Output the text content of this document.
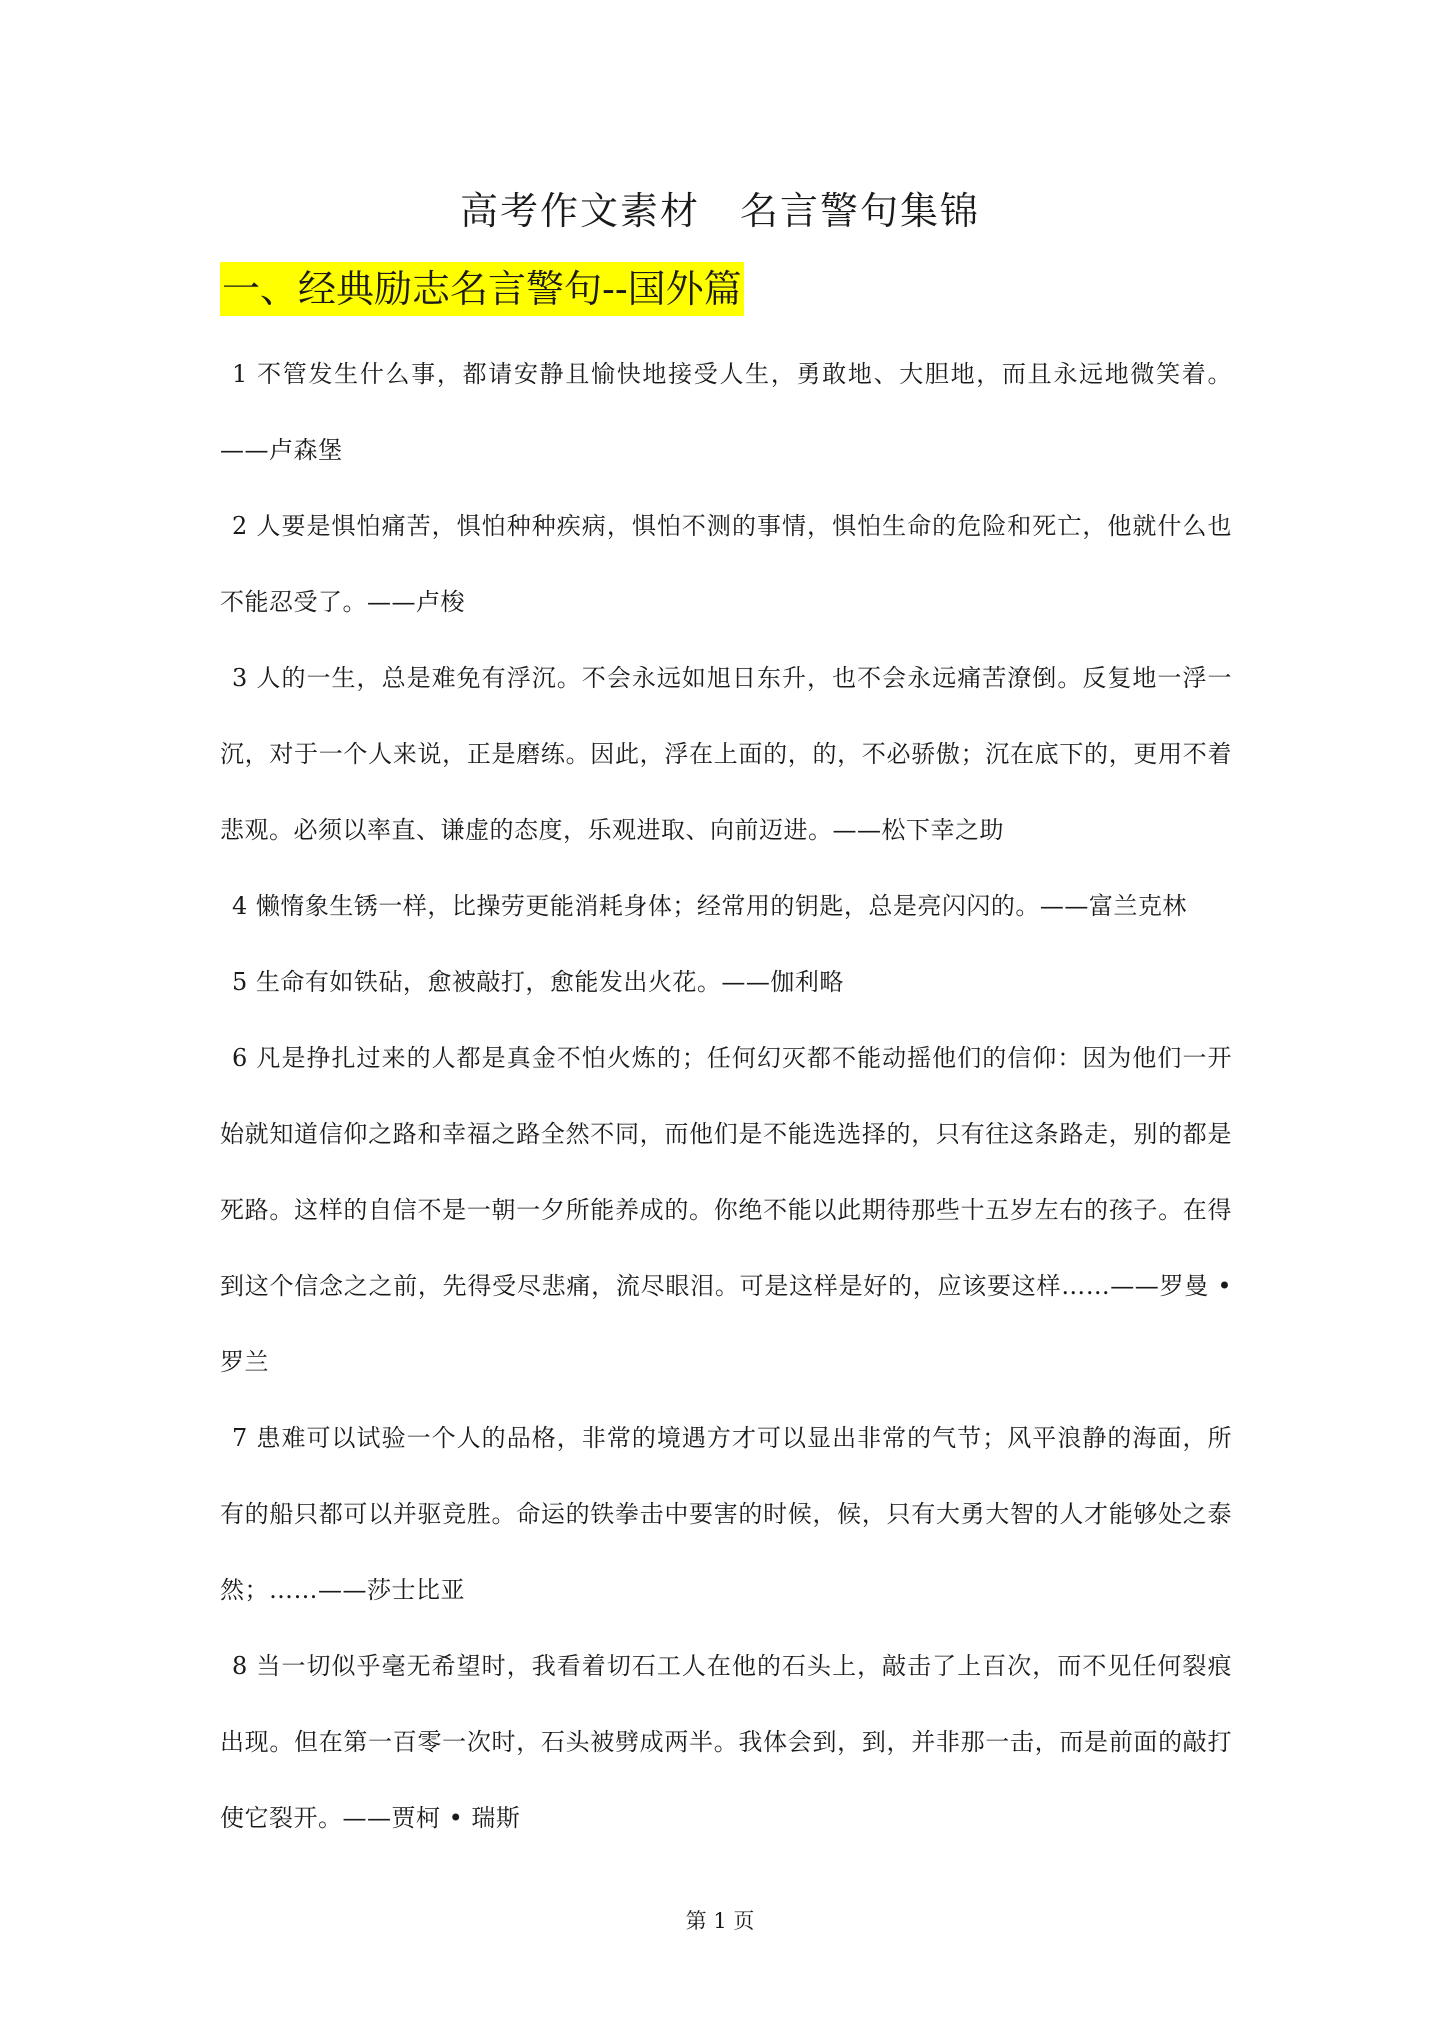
高考作文素材　名言警句集锦
一、经典励志名言警句--国外篇

1 不管发生什么事，都请安静且愉快地接受人生，勇敢地、大胆地，而且永远地微笑着。——卢森堡

2 人要是惧怕痛苦，惧怕种种疾病，惧怕不测的事情，惧怕生命的危险和死亡，他就什么也不能忍受了。——卢梭

3 人的一生，总是难免有浮沉。不会永远如旭日东升，也不会永远痛苦潦倒。反复地一浮一沉，对于一个人来说，正是磨练。因此，浮在上面的，的，不必骄傲；沉在底下的，更用不着悲观。必须以率直、谦虚的态度，乐观进取、向前迈进。——松下幸之助

4 懒惰象生锈一样，比操劳更能消耗身体；经常用的钥匙，总是亮闪闪的。——富兰克林

5 生命有如铁砧，愈被敲打，愈能发出火花。——伽利略

6 凡是挣扎过来的人都是真金不怕火炼的；任何幻灭都不能动摇他们的信仰：因为他们一开始就知道信仰之路和幸福之路全然不同，而他们是不能选选择的，只有往这条路走，别的都是死路。这样的自信不是一朝一夕所能养成的。你绝不能以此期待那些十五岁左右的孩子。在得到这个信念之之前，先得受尽悲痛，流尽眼泪。可是这样是好的，应该要这样……——罗曼 • 罗兰

7 患难可以试验一个人的品格，非常的境遇方才可以显出非常的气节；风平浪静的海面，所有的船只都可以并驱竞胜。命运的铁拳击中要害的时候，候，只有大勇大智的人才能够处之泰然；……——莎士比亚

8 当一切似乎毫无希望时，我看着切石工人在他的石头上，敲击了上百次，而不见任何裂痕出现。但在第一百零一次时，石头被劈成两半。我体会到，到，并非那一击，而是前面的敲打使它裂开。——贾柯 • 瑞斯

第 1 页
